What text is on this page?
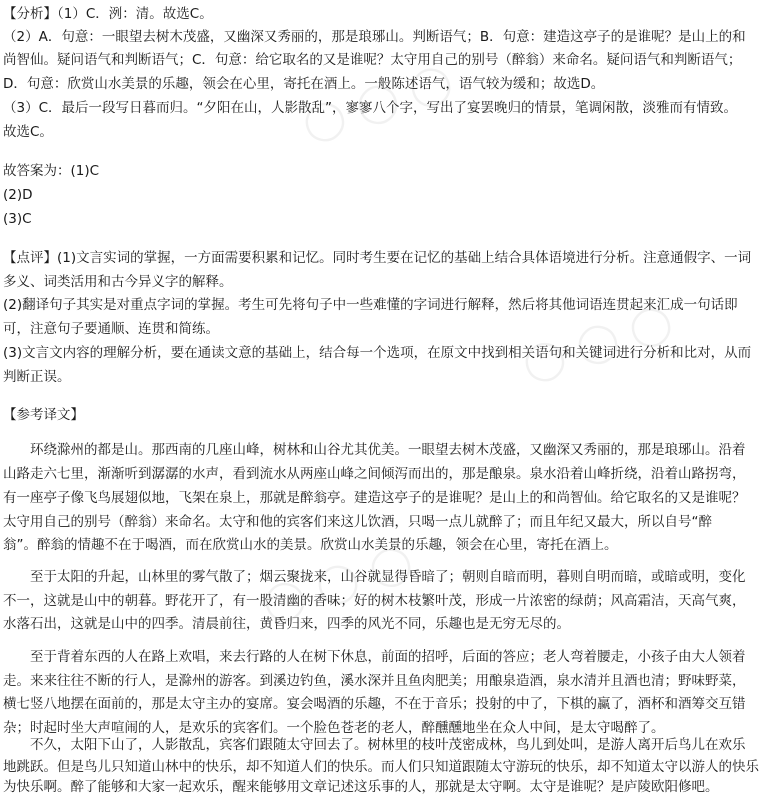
◯ ◯ ◯
◯ ◯ ◯
◯ ◯ ◯
【分析】（1）C．洌：清。故选C。
（2）A．句意：一眼望去树木茂盛，又幽深又秀丽的，那是琅琊山。判断语气；B．句意：建造这亭子的是谁呢？是山上的和
尚智仙。疑问语气和判断语气；C．句意：给它取名的又是谁呢？太守用自己的别号（醉翁）来命名。疑问语气和判断语气；
D．句意：欣赏山水美景的乐趣，领会在心里，寄托在酒上。一般陈述语气，语气较为缓和；故选D。
（3）C．最后一段写日暮而归。“夕阳在山，人影散乱”，寥寥八个字，写出了宴罢晚归的情景，笔调闲散，淡雅而有情致。
故选C。
故答案为：(1)C
(2)D
(3)C
【点评】(1)文言实词的掌握，一方面需要积累和记忆。同时考生要在记忆的基础上结合具体语境进行分析。注意通假字、一词
多义、词类活用和古今异义字的解释。
(2)翻译句子其实是对重点字词的掌握。考生可先将句子中一些难懂的字词进行解释，然后将其他词语连贯起来汇成一句话即
可，注意句子要通顺、连贯和简练。
(3)文言文内容的理解分析，要在通读文意的基础上，结合每一个选项，在原文中找到相关语句和关键词进行分析和比对，从而
判断正误。
【参考译文】
环绕滁州的都是山。那西南的几座山峰，树林和山谷尤其优美。一眼望去树木茂盛，又幽深又秀丽的，那是琅琊山。沿着
山路走六七里，渐渐听到潺潺的水声，看到流水从两座山峰之间倾泻而出的，那是酿泉。泉水沿着山峰折绕，沿着山路拐弯，
有一座亭子像飞鸟展翅似地，飞架在泉上，那就是醉翁亭。建造这亭子的是谁呢？是山上的和尚智仙。给它取名的又是谁呢？
太守用自己的别号（醉翁）来命名。太守和他的宾客们来这儿饮酒，只喝一点儿就醉了；而且年纪又最大，所以自号“醉
翁”。醉翁的情趣不在于喝酒，而在欣赏山水的美景。欣赏山水美景的乐趣，领会在心里，寄托在酒上。
至于太阳的升起，山林里的雾气散了；烟云聚拢来，山谷就显得昏暗了；朝则自暗而明，暮则自明而暗，或暗或明，变化
不一，这就是山中的朝暮。野花开了，有一股清幽的香味；好的树木枝繁叶茂，形成一片浓密的绿荫；风高霜洁，天高气爽，
水落石出，这就是山中的四季。清晨前往，黄昏归来，四季的风光不同，乐趣也是无穷无尽的。
至于背着东西的人在路上欢唱，来去行路的人在树下休息，前面的招呼，后面的答应；老人弯着腰走，小孩子由大人领着
走。来来往往不断的行人，是滁州的游客。到溪边钓鱼，溪水深并且鱼肉肥美；用酿泉造酒，泉水清并且酒也清；野味野菜，
横七竖八地摆在面前的，那是太守主办的宴席。宴会喝酒的乐趣，不在于音乐；投射的中了，下棋的赢了，酒杯和酒筹交互错
杂；时起时坐大声喧闹的人，是欢乐的宾客们。一个脸色苍老的老人，醉醺醺地坐在众人中间，是太守喝醉了。
不久，太阳下山了，人影散乱，宾客们跟随太守回去了。树林里的枝叶茂密成林，鸟儿到处叫，是游人离开后鸟儿在欢乐
地跳跃。但是鸟儿只知道山林中的快乐，却不知道人们的快乐。而人们只知道跟随太守游玩的快乐，却不知道太守以游人的快乐
为快乐啊。醉了能够和大家一起欢乐，醒来能够用文章记述这乐事的人，那就是太守啊。太守是谁呢？是庐陵欧阳修吧。
